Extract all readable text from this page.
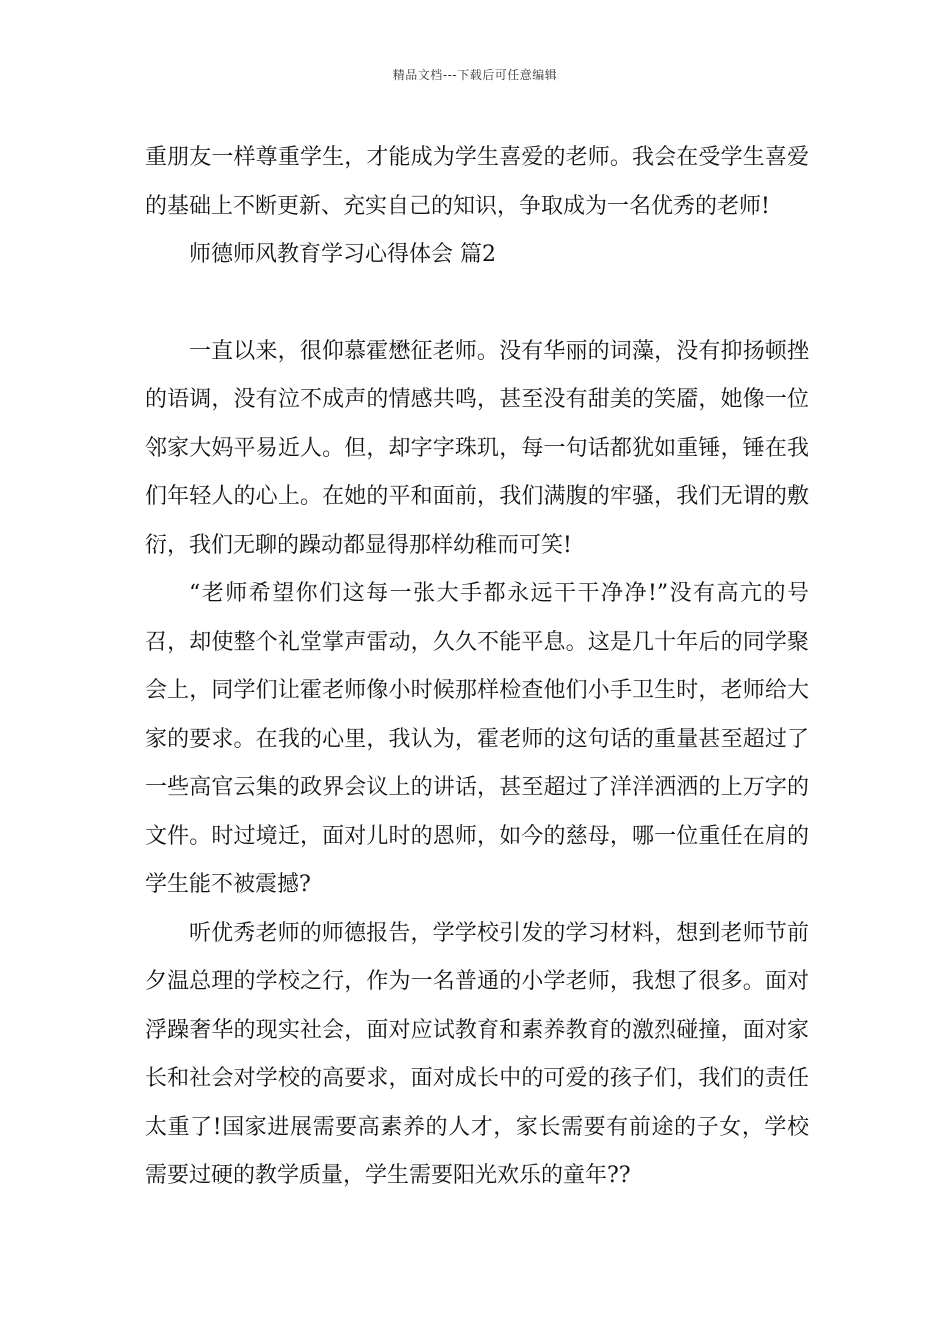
精品文档---下载后可任意编辑

重朋友一样尊重学生，才能成为学生喜爱的老师。我会在受学生喜爱的基础上不断更新、充实自己的知识，争取成为一名优秀的老师!

师德师风教育学习心得体会 篇2

一直以来，很仰慕霍懋征老师。没有华丽的词藻，没有抑扬顿挫的语调，没有泣不成声的情感共鸣，甚至没有甜美的笑靥，她像一位邻家大妈平易近人。但，却字字珠玑，每一句话都犹如重锤，锤在我们年轻人的心上。在她的平和面前，我们满腹的牢骚，我们无谓的敷衍，我们无聊的躁动都显得那样幼稚而可笑!

“老师希望你们这每一张大手都永远干干净净!”没有高亢的号召，却使整个礼堂掌声雷动，久久不能平息。这是几十年后的同学聚会上，同学们让霍老师像小时候那样检查他们小手卫生时，老师给大家的要求。在我的心里，我认为，霍老师的这句话的重量甚至超过了一些高官云集的政界会议上的讲话，甚至超过了洋洋洒洒的上万字的文件。时过境迁，面对儿时的恩师，如今的慈母，哪一位重任在肩的学生能不被震撼?

听优秀老师的师德报告，学学校引发的学习材料，想到老师节前夕温总理的学校之行，作为一名普通的小学老师，我想了很多。面对浮躁奢华的现实社会，面对应试教育和素养教育的激烈碰撞，面对家长和社会对学校的高要求，面对成长中的可爱的孩子们，我们的责任太重了!国家进展需要高素养的人才，家长需要有前途的子女，学校需要过硬的教学质量，学生需要阳光欢乐的童年??
